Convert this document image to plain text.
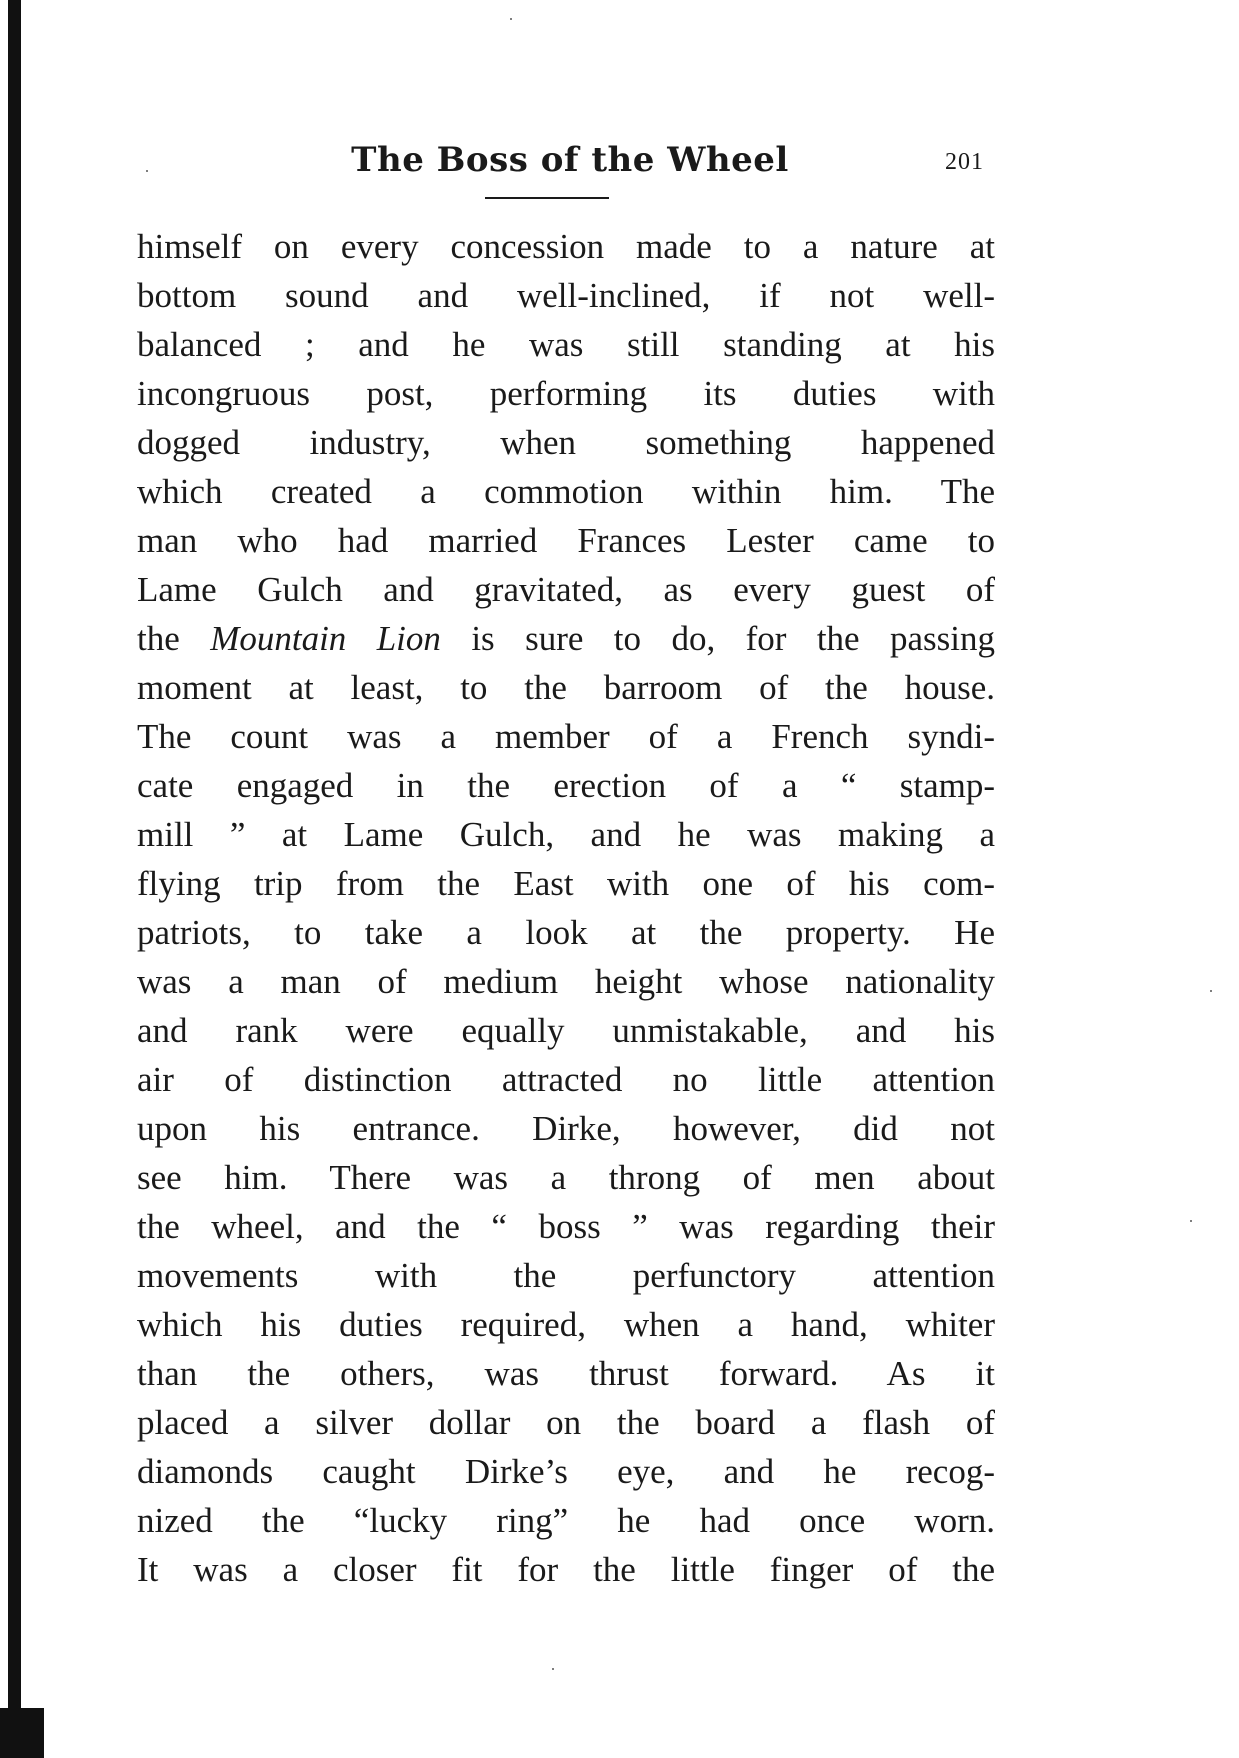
The Boss of the Wheel	201
himself on every concession made to a nature at
bottom sound and well-inclined, if not well-
balanced ; and he was still standing at his
incongruous post, performing its duties with
dogged industry, when something happened
which created a commotion within him. The
man who had married Frances Lester came to
Lame Gulch and gravitated, as every guest of
the Mountain Lion is sure to do, for the passing
moment at least, to the barroom of the house.
The count was a member of a French syndi-
cate engaged in the erection of a “ stamp-
mill ” at Lame Gulch, and he was making a
flying trip from the East with one of his com-
patriots, to take a look at the property. He
was a man of medium height whose nationality
and rank were equally unmistakable, and his
air of distinction attracted no little attention
upon his entrance. Dirke, however, did not
see him. There was a throng of men about
the wheel, and the “ boss ” was regarding their
movements with the perfunctory attention
which his duties required, when a hand, whiter
than the others, was thrust forward. As it
placed a silver dollar on the board a flash of
diamonds caught Dirke’s eye, and he recog-
nized the “lucky ring” he had once worn.
It was a closer fit for the little finger of the
